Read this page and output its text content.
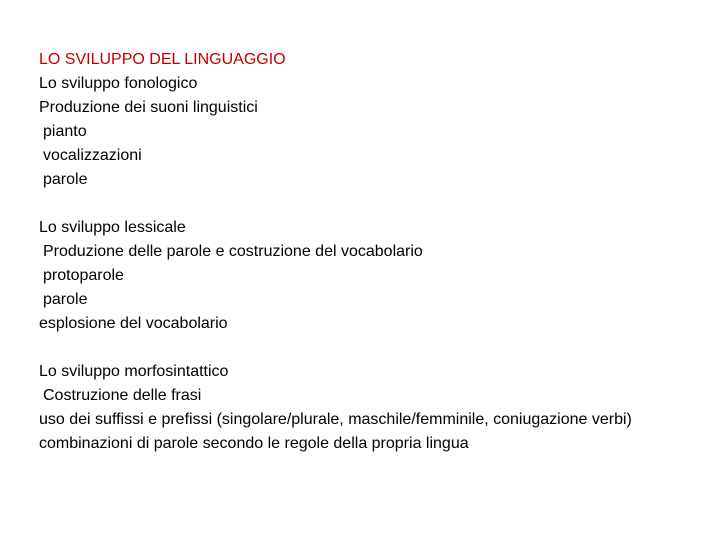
LO SVILUPPO DEL LINGUAGGIO
Lo sviluppo fonologico
Produzione dei suoni linguistici
pianto
vocalizzazioni
parole
Lo sviluppo lessicale
Produzione delle parole e costruzione del vocabolario
protoparole
parole
esplosione del vocabolario
Lo sviluppo morfosintattico
Costruzione delle frasi
uso dei suffissi e prefissi (singolare/plurale, maschile/femminile, coniugazione verbi)
combinazioni di parole secondo le regole della propria lingua
